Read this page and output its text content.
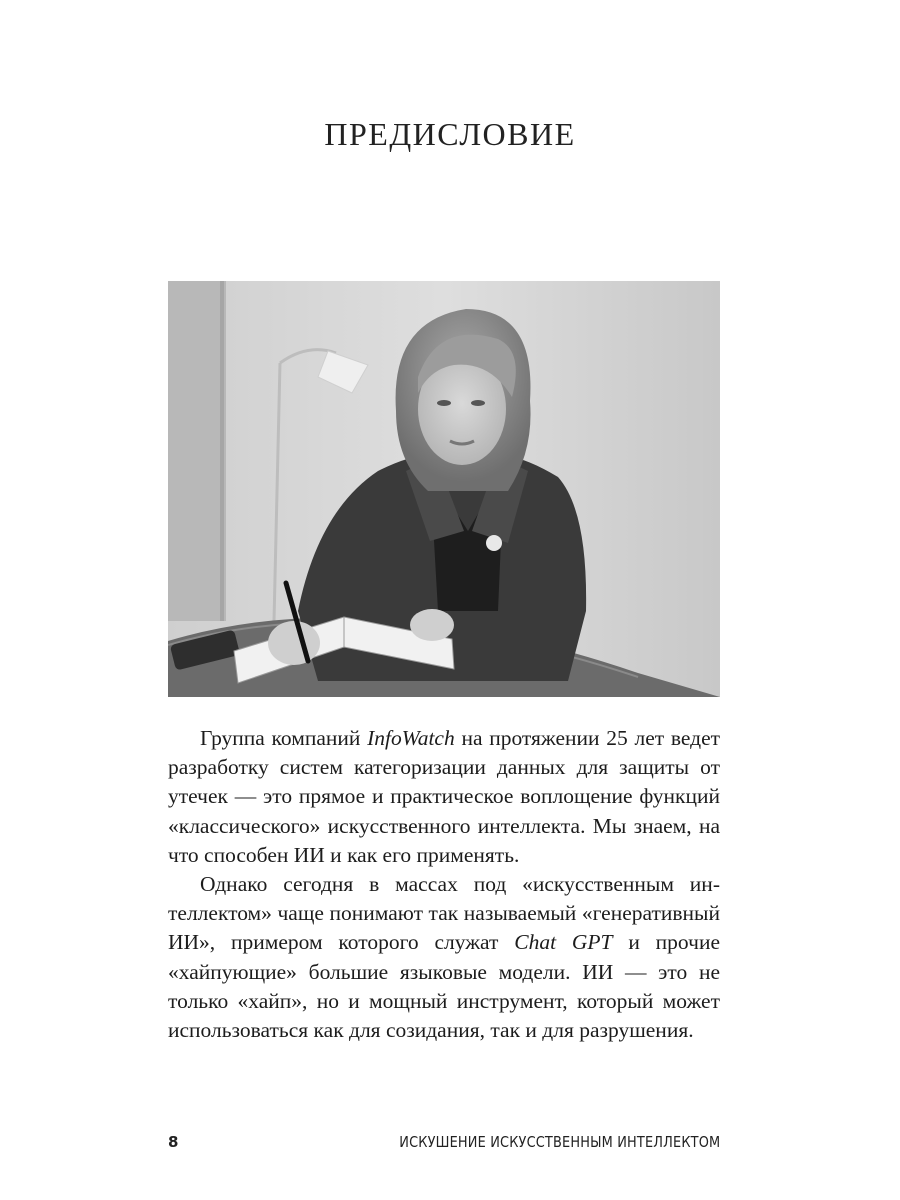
ПРЕДИСЛОВИЕ

Группа компаний InfoWatch на протяжении 25 лет ведет разработку систем категоризации данных для защиты от утечек — это прямое и практическое воплощение функций «классического» искусственного интеллекта. Мы знаем, на что способен ИИ и как его применять.

Однако сегодня в массах под «искусственным интеллектом» чаще понимают так называемый «генеративный ИИ», примером которого служат Chat GPT и прочие «хайпующие» большие языковые модели. ИИ — это не только «хайп», но и мощный инструмент, который может использоваться как для созидания, так и для разрушения.

8	ИСКУШЕНИЕ ИСКУССТВЕННЫМ ИНТЕЛЛЕКТОМ
